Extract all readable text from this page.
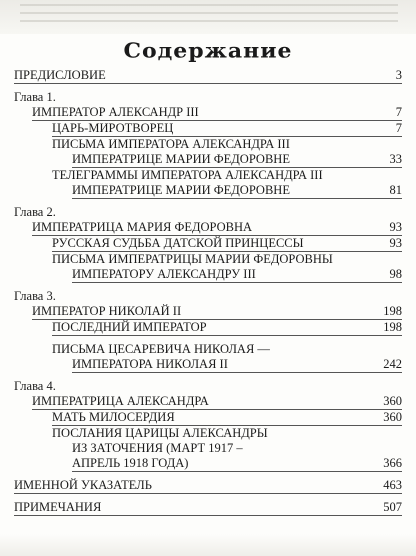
Содержание
ПРЕДИСЛОВИЕ	3
Глава 1.
ИМПЕРАТОР АЛЕКСАНДР III	7
ЦАРЬ-МИРОТВОРЕЦ	7
ПИСЬМА ИМПЕРАТОРА АЛЕКСАНДРА III
ИМПЕРАТРИЦЕ МАРИИ ФЕДОРОВНЕ	33
ТЕЛЕГРАММЫ ИМПЕРАТОРА АЛЕКСАНДРА III
ИМПЕРАТРИЦЕ МАРИИ ФЕДОРОВНЕ	81
Глава 2.
ИМПЕРАТРИЦА МАРИЯ ФЕДОРОВНА	93
РУССКАЯ СУДЬБА ДАТСКОЙ ПРИНЦЕССЫ	93
ПИСЬМА ИМПЕРАТРИЦЫ МАРИИ ФЕДОРОВНЫ
ИМПЕРАТОРУ АЛЕКСАНДРУ III	98
Глава 3.
ИМПЕРАТОР НИКОЛАЙ II	198
ПОСЛЕДНИЙ ИМПЕРАТОР	198
ПИСЬМА ЦЕСАРЕВИЧА НИКОЛАЯ —
ИМПЕРАТОРА НИКОЛАЯ II	242
Глава 4.
ИМПЕРАТРИЦА АЛЕКСАНДРА	360
МАТЬ МИЛОСЕРДИЯ	360
ПОСЛАНИЯ ЦАРИЦЫ АЛЕКСАНДРЫ
ИЗ ЗАТОЧЕНИЯ (МАРТ 1917 –
АПРЕЛЬ 1918 ГОДА)	366
ИМЕННОЙ УКАЗАТЕЛЬ	463
ПРИМЕЧАНИЯ	507
